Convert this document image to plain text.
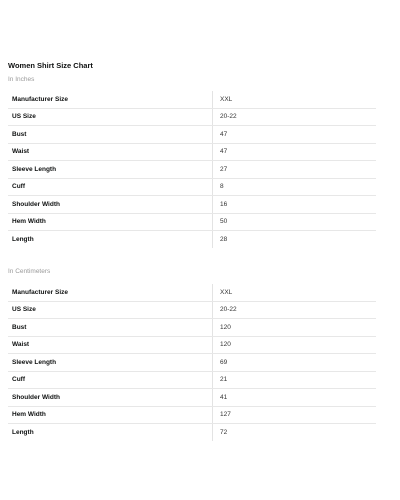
Women Shirt Size Chart
In Inches
Manufacturer Size	XXL
US Size	20-22
Bust	47
Waist	47
Sleeve Length	27
Cuff	8
Shoulder Width	16
Hem Width	50
Length	28
In Centimeters
Manufacturer Size	XXL
US Size	20-22
Bust	120
Waist	120
Sleeve Length	69
Cuff	21
Shoulder Width	41
Hem Width	127
Length	72
